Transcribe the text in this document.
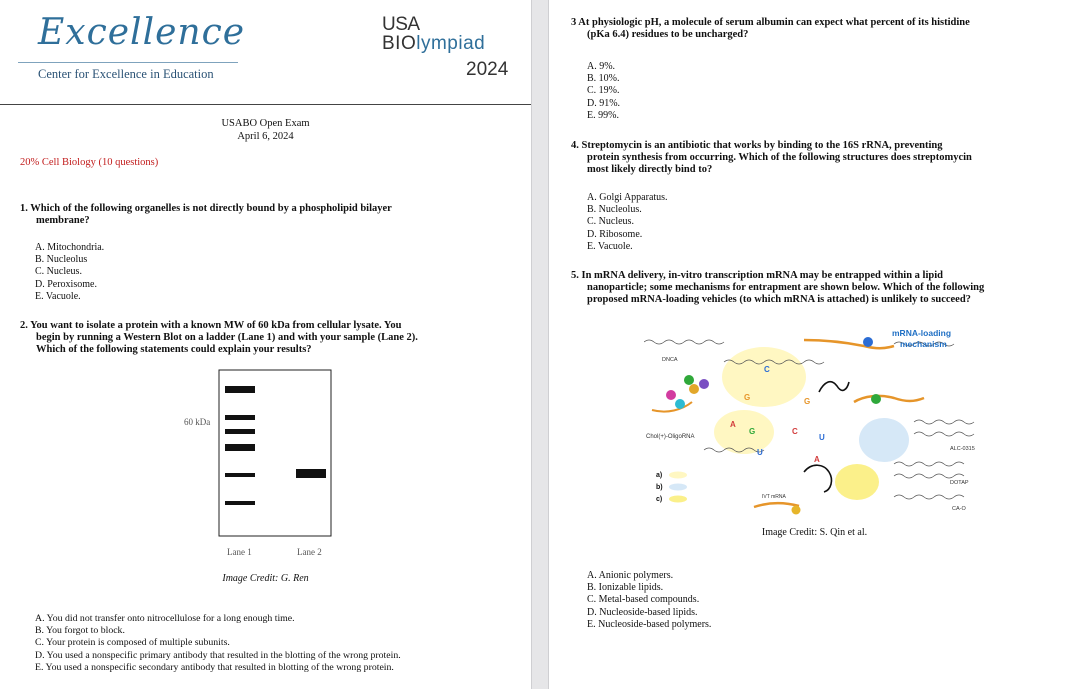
Excellence
Center for Excellence in Education
USA
BIOlympiad
2024
USABO Open Exam
April 6, 2024
20% Cell Biology (10 questions)
1. Which of the following organelles is not directly bound by a phospholipid bilayer
membrane?
A. Mitochondria.
B. Nucleolus
C. Nucleus.
D. Peroxisome.
E. Vacuole.
2. You want to isolate a protein with a known MW of 60 kDa from cellular lysate. You
begin by running a Western Blot on a ladder (Lane 1) and with your sample (Lane 2).
Which of the following statements could explain your results?
60 kDa
Lane 1	Lane 2
Image Credit: G. Ren
A. You did not transfer onto nitrocellulose for a long enough time.
B. You forgot to block.
C. Your protein is composed of multiple subunits.
D. You used a nonspecific primary antibody that resulted in the blotting of the wrong protein.
E. You used a nonspecific secondary antibody that resulted in blotting of the wrong protein.
3 At physiologic pH, a molecule of serum albumin can expect what percent of its histidine
(pKa 6.4) residues to be uncharged?
A. 9%.
B. 10%.
C. 19%.
D. 91%.
E. 99%.
4. Streptomycin is an antibiotic that works by binding to the 16S rRNA, preventing
protein synthesis from occurring. Which of the following structures does streptomycin
most likely directly bind to?
A. Golgi Apparatus.
B. Nucleolus.
C. Nucleus.
D. Ribosome.
E. Vacuole.
5. In mRNA delivery, in-vitro transcription mRNA may be entrapped within a lipid
nanoparticle; some mechanisms for entrapment are shown below. Which of the following
proposed mRNA-loading vehicles (to which mRNA is attached) is unlikely to succeed?
C
G
A
G
U
C
G
U
A
mRNA-loading
mechanism
DNCA
Chol(+)-OligoRNA
IVT mRNA
ALC-0315
DOTAP
CA-O
a)
b)
c)
Image Credit: S. Qin et al.
A. Anionic polymers.
B. Ionizable lipids.
C. Metal-based compounds.
D. Nucleoside-based lipids.
E. Nucleoside-based polymers.
